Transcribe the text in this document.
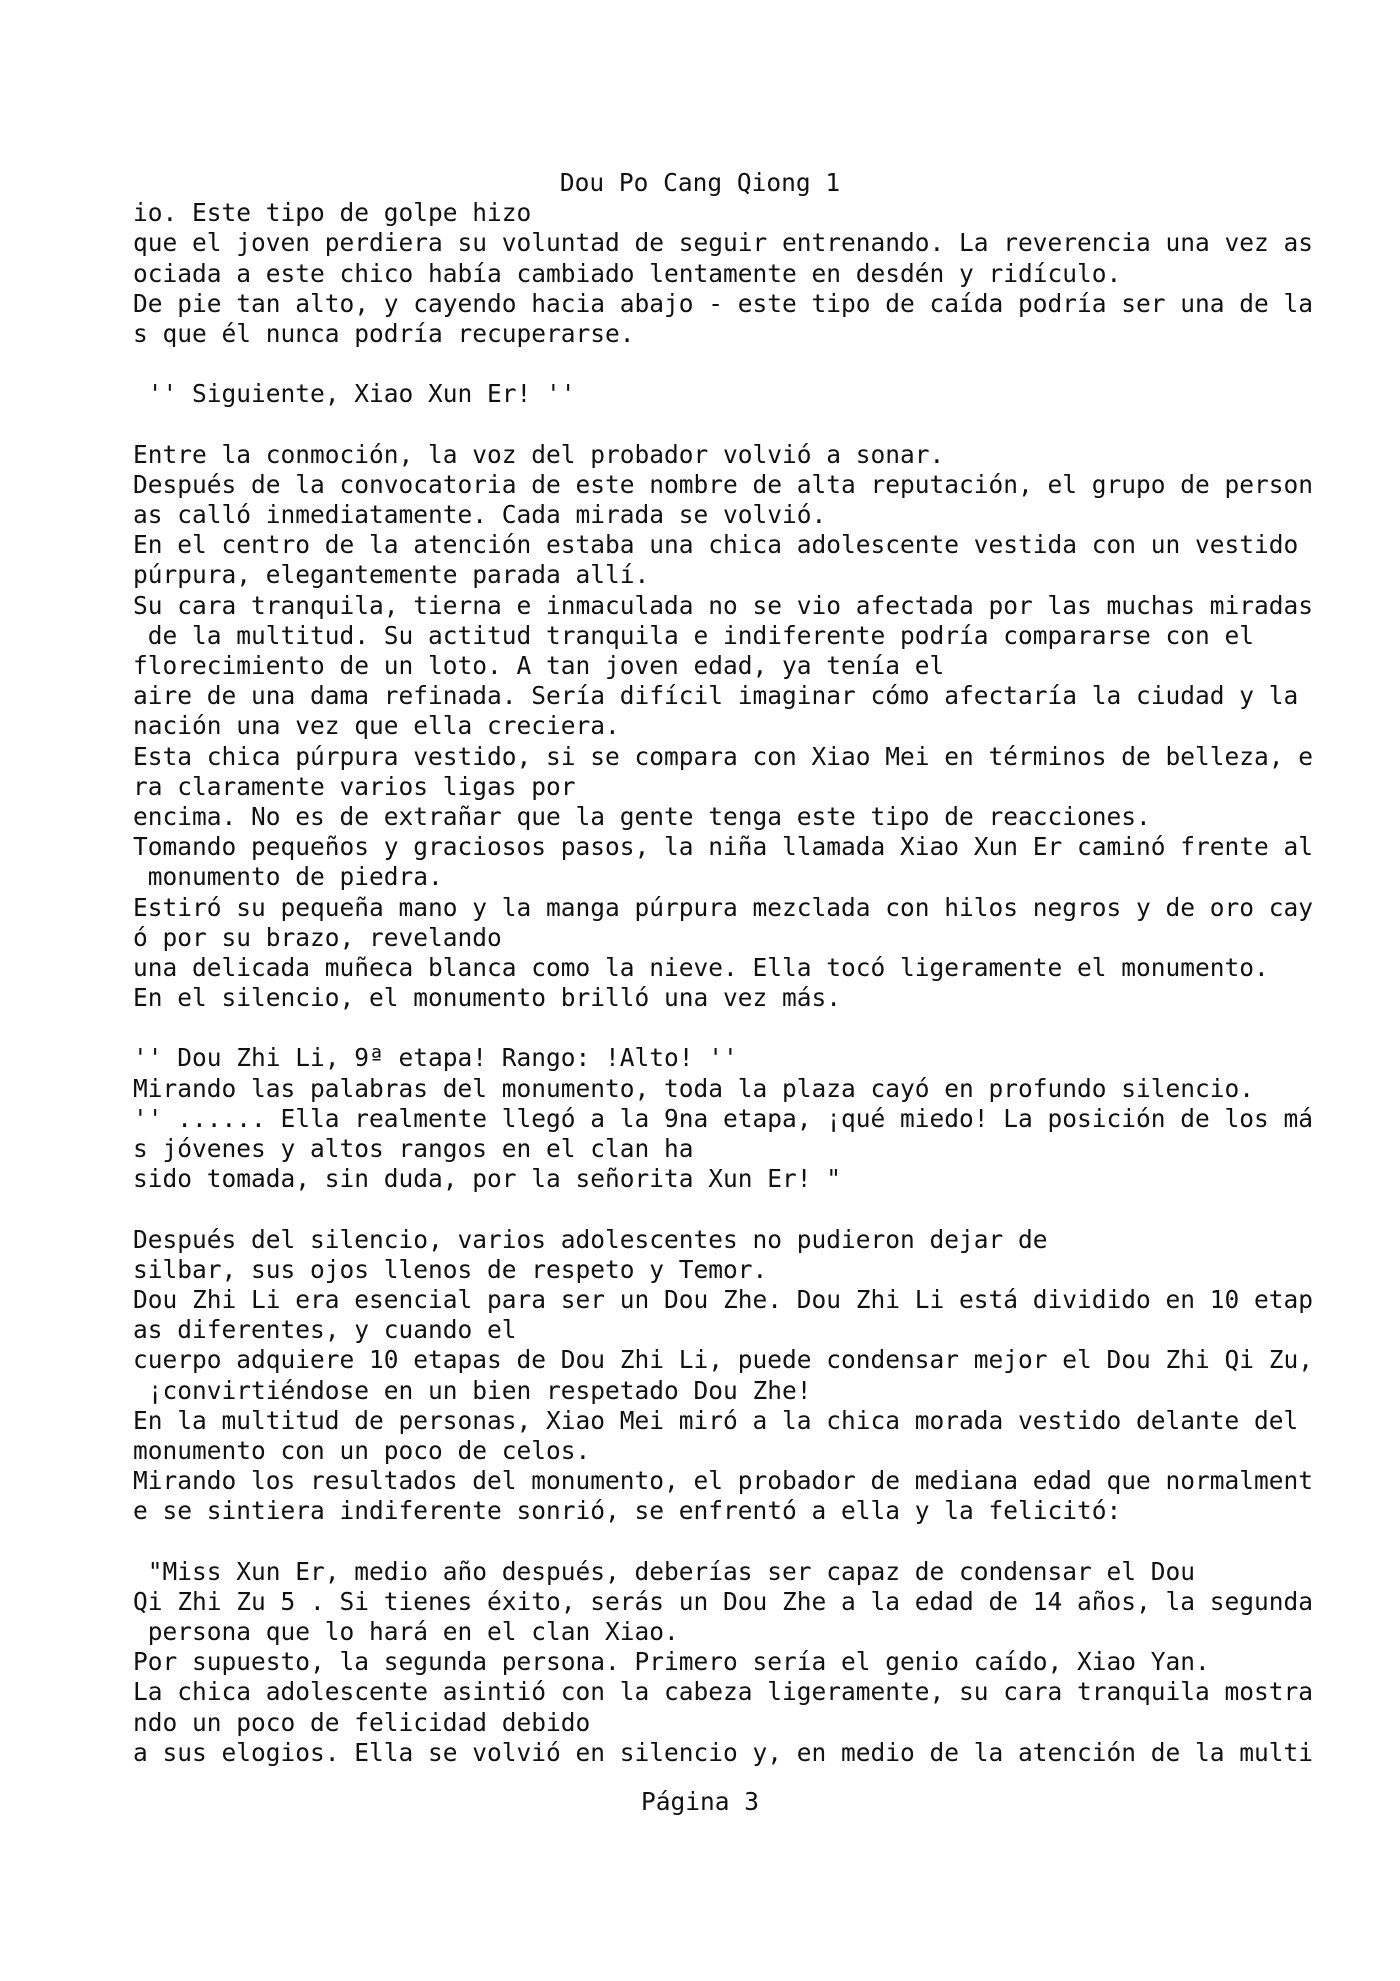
Dou Po Cang Qiong 1
io. Este tipo de golpe hizo
que el joven perdiera su voluntad de seguir entrenando. La reverencia una vez as
ociada a este chico había cambiado lentamente en desdén y ridículo.
De pie tan alto, y cayendo hacia abajo - este tipo de caída podría ser una de la
s que él nunca podría recuperarse.
'' Siguiente, Xiao Xun Er! ''
Entre la conmoción, la voz del probador volvió a sonar.
Después de la convocatoria de este nombre de alta reputación, el grupo de person
as calló inmediatamente. Cada mirada se volvió.
En el centro de la atención estaba una chica adolescente vestida con un vestido
púrpura, elegantemente parada allí.
Su cara tranquila, tierna e inmaculada no se vio afectada por las muchas miradas
de la multitud. Su actitud tranquila e indiferente podría compararse con el
florecimiento de un loto. A tan joven edad, ya tenía el
aire de una dama refinada. Sería difícil imaginar cómo afectaría la ciudad y la
nación una vez que ella creciera.
Esta chica púrpura vestido, si se compara con Xiao Mei en términos de belleza, e
ra claramente varios ligas por
encima. No es de extrañar que la gente tenga este tipo de reacciones.
Tomando pequeños y graciosos pasos, la niña llamada Xiao Xun Er caminó frente al
monumento de piedra.
Estiró su pequeña mano y la manga púrpura mezclada con hilos negros y de oro cay
ó por su brazo, revelando
una delicada muñeca blanca como la nieve. Ella tocó ligeramente el monumento.
En el silencio, el monumento brilló una vez más.
'' Dou Zhi Li, 9ª etapa! Rango: !Alto! ''
Mirando las palabras del monumento, toda la plaza cayó en profundo silencio.
'' ...... Ella realmente llegó a la 9na etapa, ¡qué miedo! La posición de los má
s jóvenes y altos rangos en el clan ha
sido tomada, sin duda, por la señorita Xun Er! "
Después del silencio, varios adolescentes no pudieron dejar de
silbar, sus ojos llenos de respeto y Temor.
Dou Zhi Li era esencial para ser un Dou Zhe. Dou Zhi Li está dividido en 10 etap
as diferentes, y cuando el
cuerpo adquiere 10 etapas de Dou Zhi Li, puede condensar mejor el Dou Zhi Qi Zu,
¡convirtiéndose en un bien respetado Dou Zhe!
En la multitud de personas, Xiao Mei miró a la chica morada vestido delante del
monumento con un poco de celos.
Mirando los resultados del monumento, el probador de mediana edad que normalment
e se sintiera indiferente sonrió, se enfrentó a ella y la felicitó:
"Miss Xun Er, medio año después, deberías ser capaz de condensar el Dou
Qi Zhi Zu 5 . Si tienes éxito, serás un Dou Zhe a la edad de 14 años, la segunda
persona que lo hará en el clan Xiao.
Por supuesto, la segunda persona. Primero sería el genio caído, Xiao Yan.
La chica adolescente asintió con la cabeza ligeramente, su cara tranquila mostra
ndo un poco de felicidad debido
a sus elogios. Ella se volvió en silencio y, en medio de la atención de la multi
Página 3
